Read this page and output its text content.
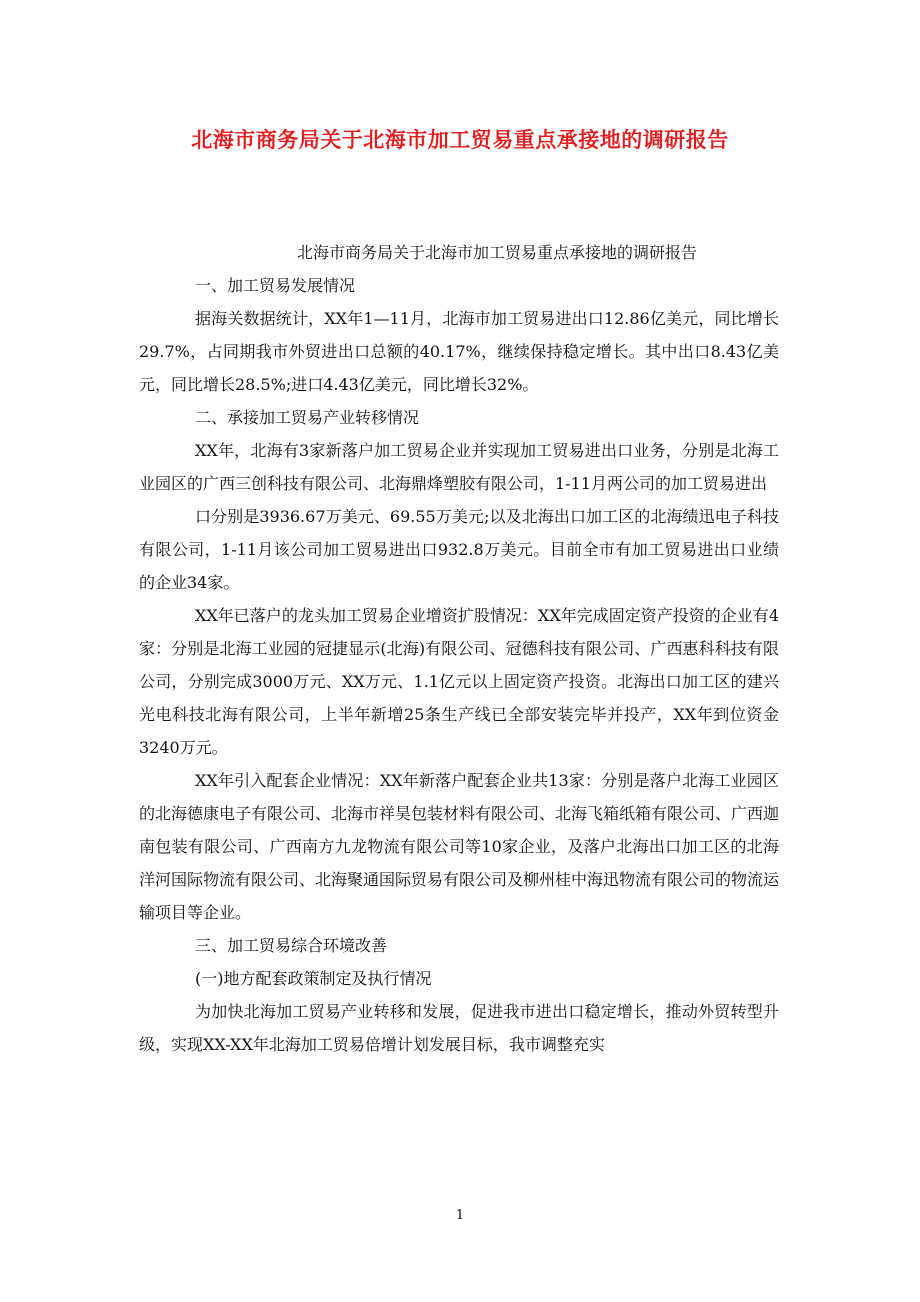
北海市商务局关于北海市加工贸易重点承接地的调研报告

北海市商务局关于北海市加工贸易重点承接地的调研报告

一、加工贸易发展情况

据海关数据统计，XX年1—11月，北海市加工贸易进出口12.86亿美元，同比增长29.7%，占同期我市外贸进出口总额的40.17%，继续保持稳定增长。其中出口8.43亿美元，同比增长28.5%;进口4.43亿美元，同比增长32%。

二、承接加工贸易产业转移情况

XX年，北海有3家新落户加工贸易企业并实现加工贸易进出口业务，分别是北海工业园区的广西三创科技有限公司、北海鼎烽塑胶有限公司，1-11月两公司的加工贸易进出

口分别是3936.67万美元、69.55万美元;以及北海出口加工区的北海绩迅电子科技有限公司，1-11月该公司加工贸易进出口932.8万美元。目前全市有加工贸易进出口业绩的企业34家。

XX年已落户的龙头加工贸易企业增资扩股情况：XX年完成固定资产投资的企业有4家：分别是北海工业园的冠捷显示(北海)有限公司、冠德科技有限公司、广西惠科科技有限公司，分别完成3000万元、XX万元、1.1亿元以上固定资产投资。北海出口加工区的建兴光电科技北海有限公司，上半年新增25条生产线已全部安装完毕并投产，XX年到位资金3240万元。

XX年引入配套企业情况：XX年新落户配套企业共13家：分别是落户北海工业园区的北海德康电子有限公司、北海市祥昊包装材料有限公司、北海飞箱纸箱有限公司、广西迦南包装有限公司、广西南方九龙物流有限公司等10家企业，及落户北海出口加工区的北海洋河国际物流有限公司、北海聚通国际贸易有限公司及柳州桂中海迅物流有限公司的物流运输项目等企业。

三、加工贸易综合环境改善

(一)地方配套政策制定及执行情况

为加快北海加工贸易产业转移和发展，促进我市进出口稳定增长，推动外贸转型升级，实现XX-XX年北海加工贸易倍增计划发展目标，我市调整充实

1
